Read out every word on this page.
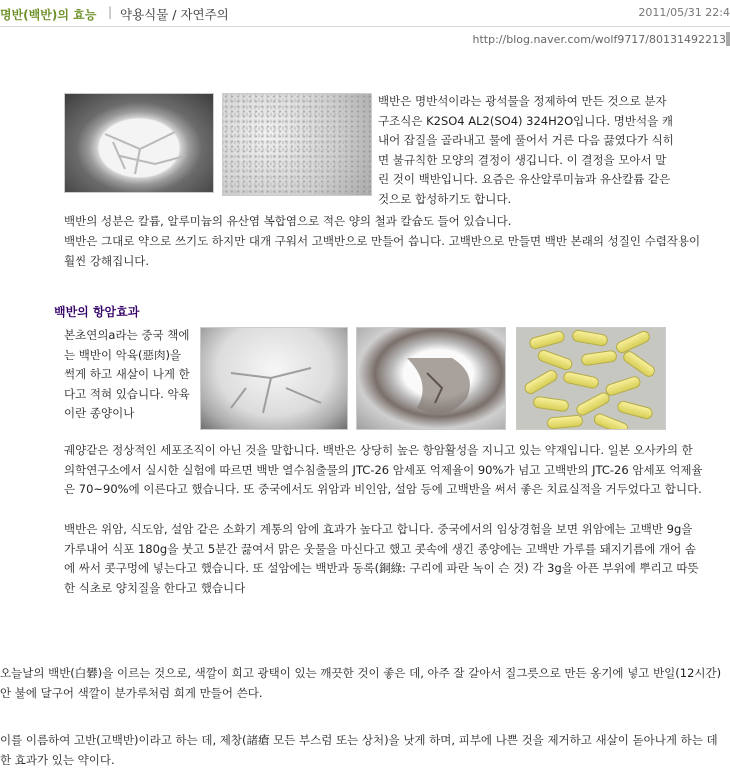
명반(백반)의 효능 | 약용식물 / 자연주의	2011/05/31 22:4
http://blog.naver.com/wolf9717/80131492213
백반은 명반석이라는 광석물을 정제하여 만든 것으로 분자 구조식은 K2SO4 AL2(SO4) 324H2O입니다. 명반석을 캐내어 잡질을 골라내고 물에 풀어서 거른 다음 끓였다가 식히면 불규칙한 모양의 결정이 생깁니다. 이 결정을 모아서 말린 것이 백반입니다. 요즘은 유산알루미늄과 유산칼륨 같은 것으로 합성하기도 합니다.
백반의 성분은 칼륨, 알루미늄의 유산염 복합염으로 적은 양의 철과 칼슘도 들어 있습니다.
백반은 그대로 약으로 쓰기도 하지만 대개 구워서 고백반으로 만들어 씁니다. 고백반으로 만들면 백반 본래의 성질인 수렴작용이 훨씬 강해집니다.
백반의 항암효과
본초연의a라는 중국 책에는 백반이 악육(惡肉)을 썩게 하고 새살이 나게 한다고 적혀 있습니다. 악육이란 종양이나
궤양같은 정상적인 세포조직이 아닌 것을 말합니다. 백반은 상당히 높은 항암활성을 지니고 있는 약재입니다. 일본 오사카의 한 의학연구소에서 실시한 실험에 따르면 백반 열수침출물의 JTC-26 암세포 억제율이 90%가 넘고 고백반의 JTC-26 암세포 억제율은 70~90%에 이른다고 했습니다. 또 중국에서도 위암과 비인암, 설암 등에 고백반을 써서 좋은 치료실적을 거두었다고 합니다.
백반은 위암, 식도암, 설암 같은 소화기 계통의 암에 효과가 높다고 합니다. 중국에서의 임상경험을 보면 위암에는 고백반 9g을 가루내어 식포 180g을 붓고 5분간 끓여서 맑은 웃물을 마신다고 했고 콧속에 생긴 종양에는 고백반 가루를 돼지기름에 개어 솜에 싸서 콧구멍에 넣는다고 했습니다. 또 설암에는 백반과 동록(銅綠: 구리에 파란 녹이 슨 것) 각 3g을 아픈 부위에 뿌리고 따뜻한 식초로 양치질을 한다고 했습니다
오늘날의 백반(白礬)을 이르는 것으로, 색깔이 희고 광택이 있는 깨끗한 것이 좋은 데, 아주 잘 갈아서 질그릇으로 만든 옹기에 넣고 반일(12시간)안 불에 달구어 색깔이 분가루처럼 희게 만들어 쓴다.
이를 이름하여 고반(고백반)이라고 하는 데, 제창(諸瘡 모든 부스럼 또는 상처)을 낫게 하며, 피부에 나쁜 것을 제거하고 새살이 돋아나게 하는 데 한 효과가 있는 약이다.
